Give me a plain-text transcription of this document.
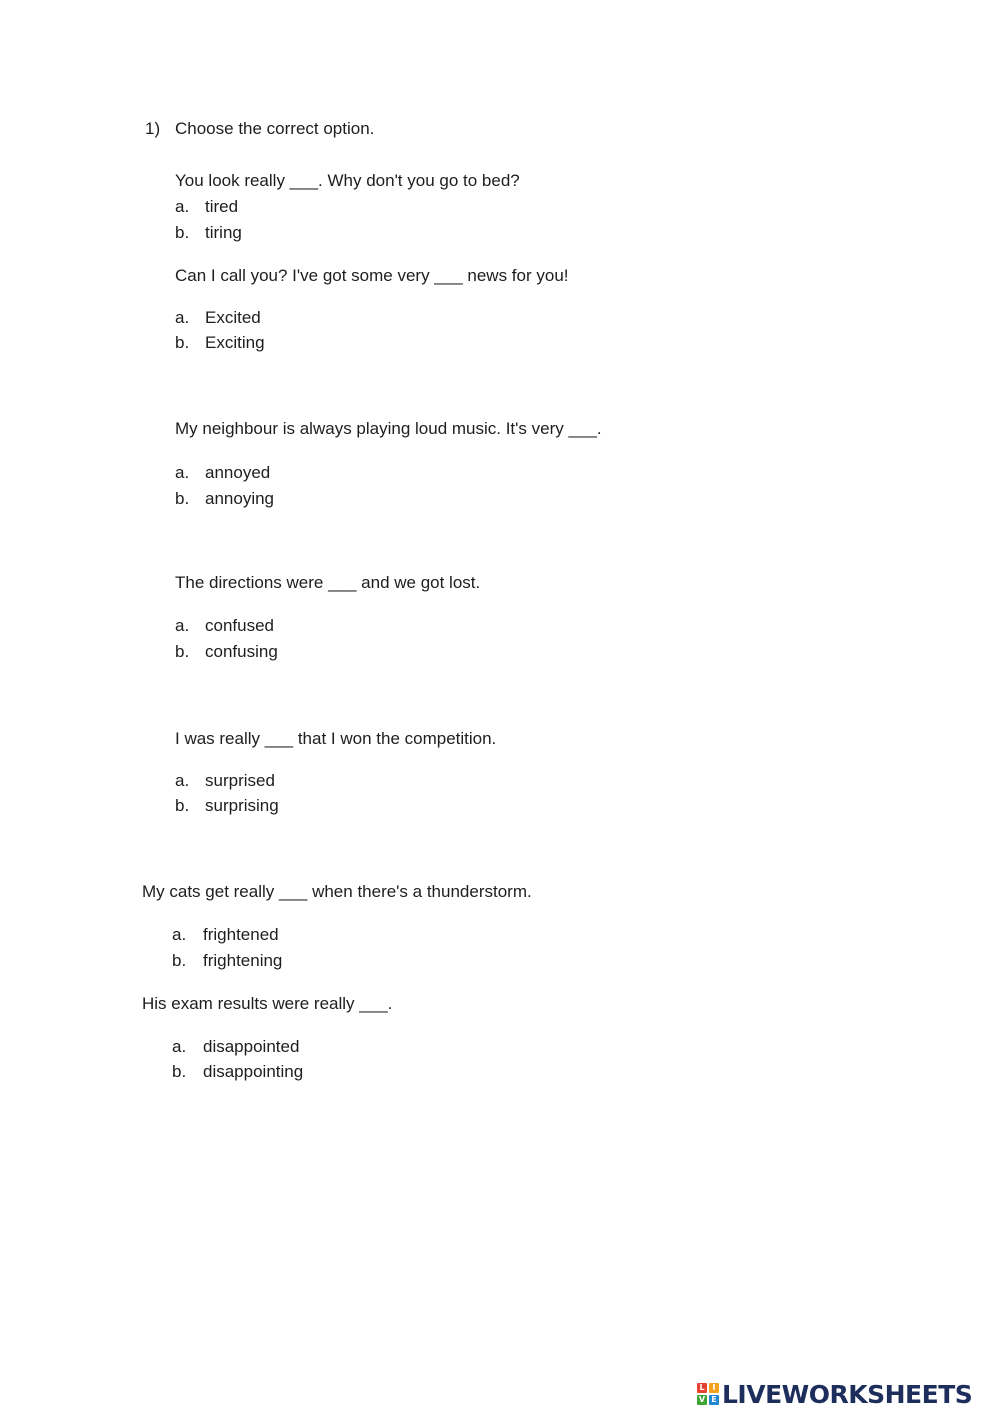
1) Choose the correct option.
You look really ___. Why don't you go to bed?
a. tired
b. tiring
Can I call you? I've got some very ___ news for you!
a. Excited
b. Exciting
My neighbour is always playing loud music. It's very ___.
a. annoyed
b. annoying
The directions were ___ and we got lost.
a. confused
b. confusing
I was really ___ that I won the competition.
a. surprised
b. surprising
My cats get really ___ when there's a thunderstorm.
a. frightened
b. frightening
His exam results were really ___.
a. disappointed
b. disappointing
L I
V E LIVEWORKSHEETS
